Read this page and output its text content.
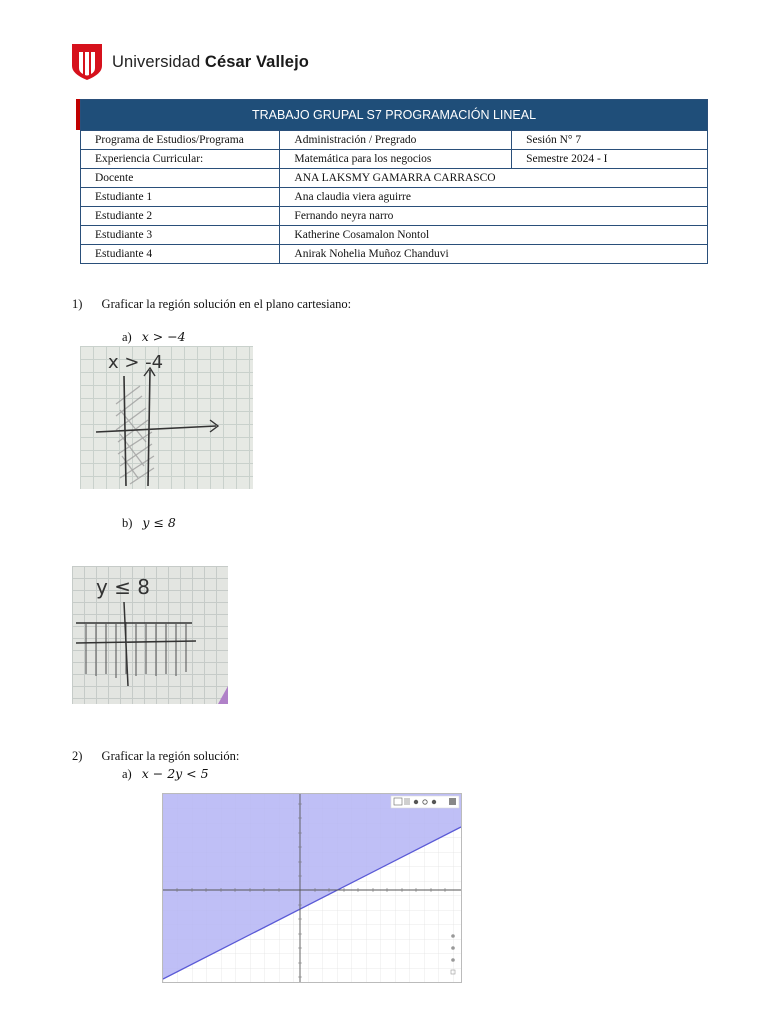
Universidad César Vallejo
TRABAJO GRUPAL S7 PROGRAMACIÓN LINEAL		
Programa de Estudios/Programa	Administración / Pregrado	Sesión N° 7
Experiencia Curricular:	Matemática para los negocios	Semestre 2024 - I
Docente	ANA LAKSMY GAMARRA CARRASCO	
Estudiante 1	Ana claudia viera aguirre	
Estudiante 2	Fernando neyra narro	
Estudiante 3	Katherine Cosamalon Nontol	
Estudiante 4	Anirak Nohelia Muñoz Chanduvi	
1) Graficar la región solución en el plano cartesiano:
a) x > −4
x > -4
b) y ≤ 8
y ≤ 8
2) Graficar la región solución:
a) x − 2y < 5
